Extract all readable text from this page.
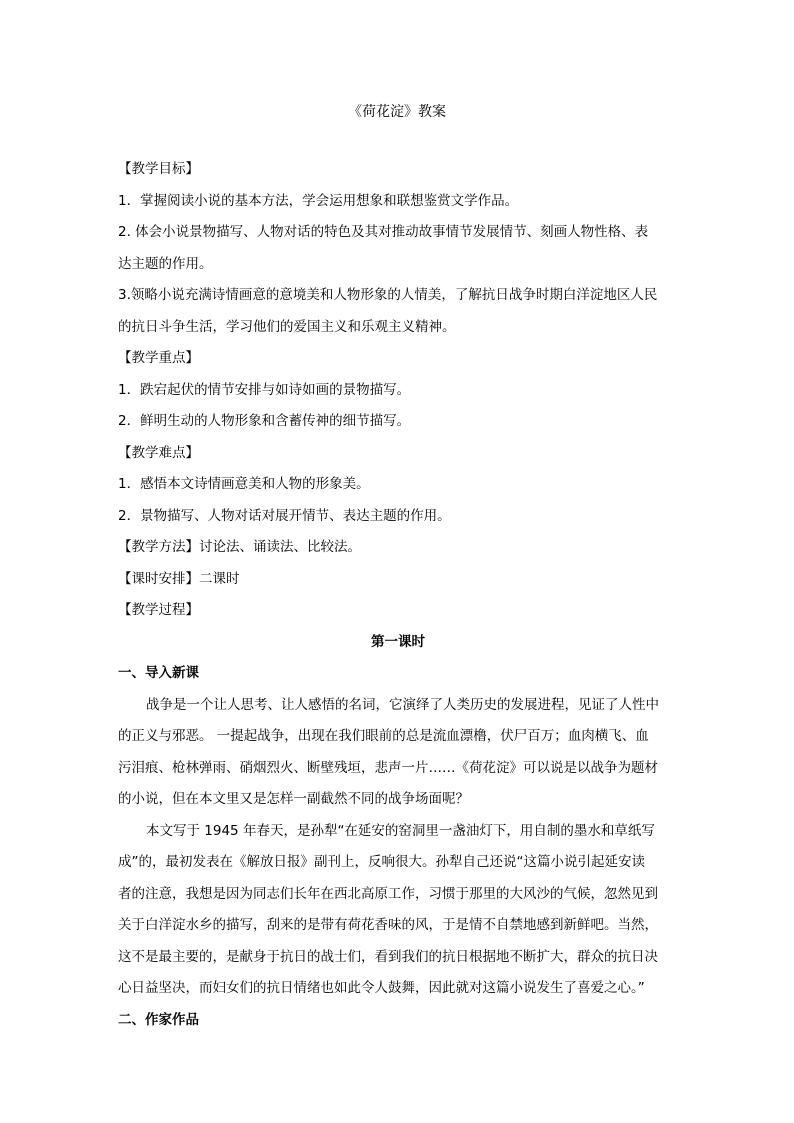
《荷花淀》教案
【教学目标】
1．掌握阅读小说的基本方法，学会运用想象和联想鉴赏文学作品。
2. 体会小说景物描写、人物对话的特色及其对推动故事情节发展情节、刻画人物性格、表
达主题的作用。
3.领略小说充满诗情画意的意境美和人物形象的人情美，了解抗日战争时期白洋淀地区人民
的抗日斗争生活，学习他们的爱国主义和乐观主义精神。
【教学重点】
1．跌宕起伏的情节安排与如诗如画的景物描写。
2．鲜明生动的人物形象和含蓄传神的细节描写。
【教学难点】
1．感悟本文诗情画意美和人物的形象美。
2．景物描写、人物对话对展开情节、表达主题的作用。
【教学方法】讨论法、诵读法、比较法。
【课时安排】二课时
【教学过程】
第一课时
一、导入新课
战争是一个让人思考、让人感悟的名词，它演绎了人类历史的发展进程，见证了人性中
的正义与邪恶。 一提起战争，出现在我们眼前的总是流血漂橹，伏尸百万；血肉横飞、血
污泪痕、枪林弹雨、硝烟烈火、断壁残垣，悲声一片……《荷花淀》可以说是以战争为题材
的小说，但在本文里又是怎样一副截然不同的战争场面呢？
本文写于 1945 年春天，是孙犁“在延安的窑洞里一盏油灯下，用自制的墨水和草纸写
成”的，最初发表在《解放日报》副刊上，反响很大。孙犁自己还说“这篇小说引起延安读
者的注意，我想是因为同志们长年在西北高原工作，习惯于那里的大风沙的气候，忽然见到
关于白洋淀水乡的描写，刮来的是带有荷花香味的风，于是情不自禁地感到新鲜吧。当然，
这不是最主要的，是献身于抗日的战士们，看到我们的抗日根据地不断扩大，群众的抗日决
心日益坚决，而妇女们的抗日情绪也如此令人鼓舞，因此就对这篇小说发生了喜爱之心。”
二、作家作品
